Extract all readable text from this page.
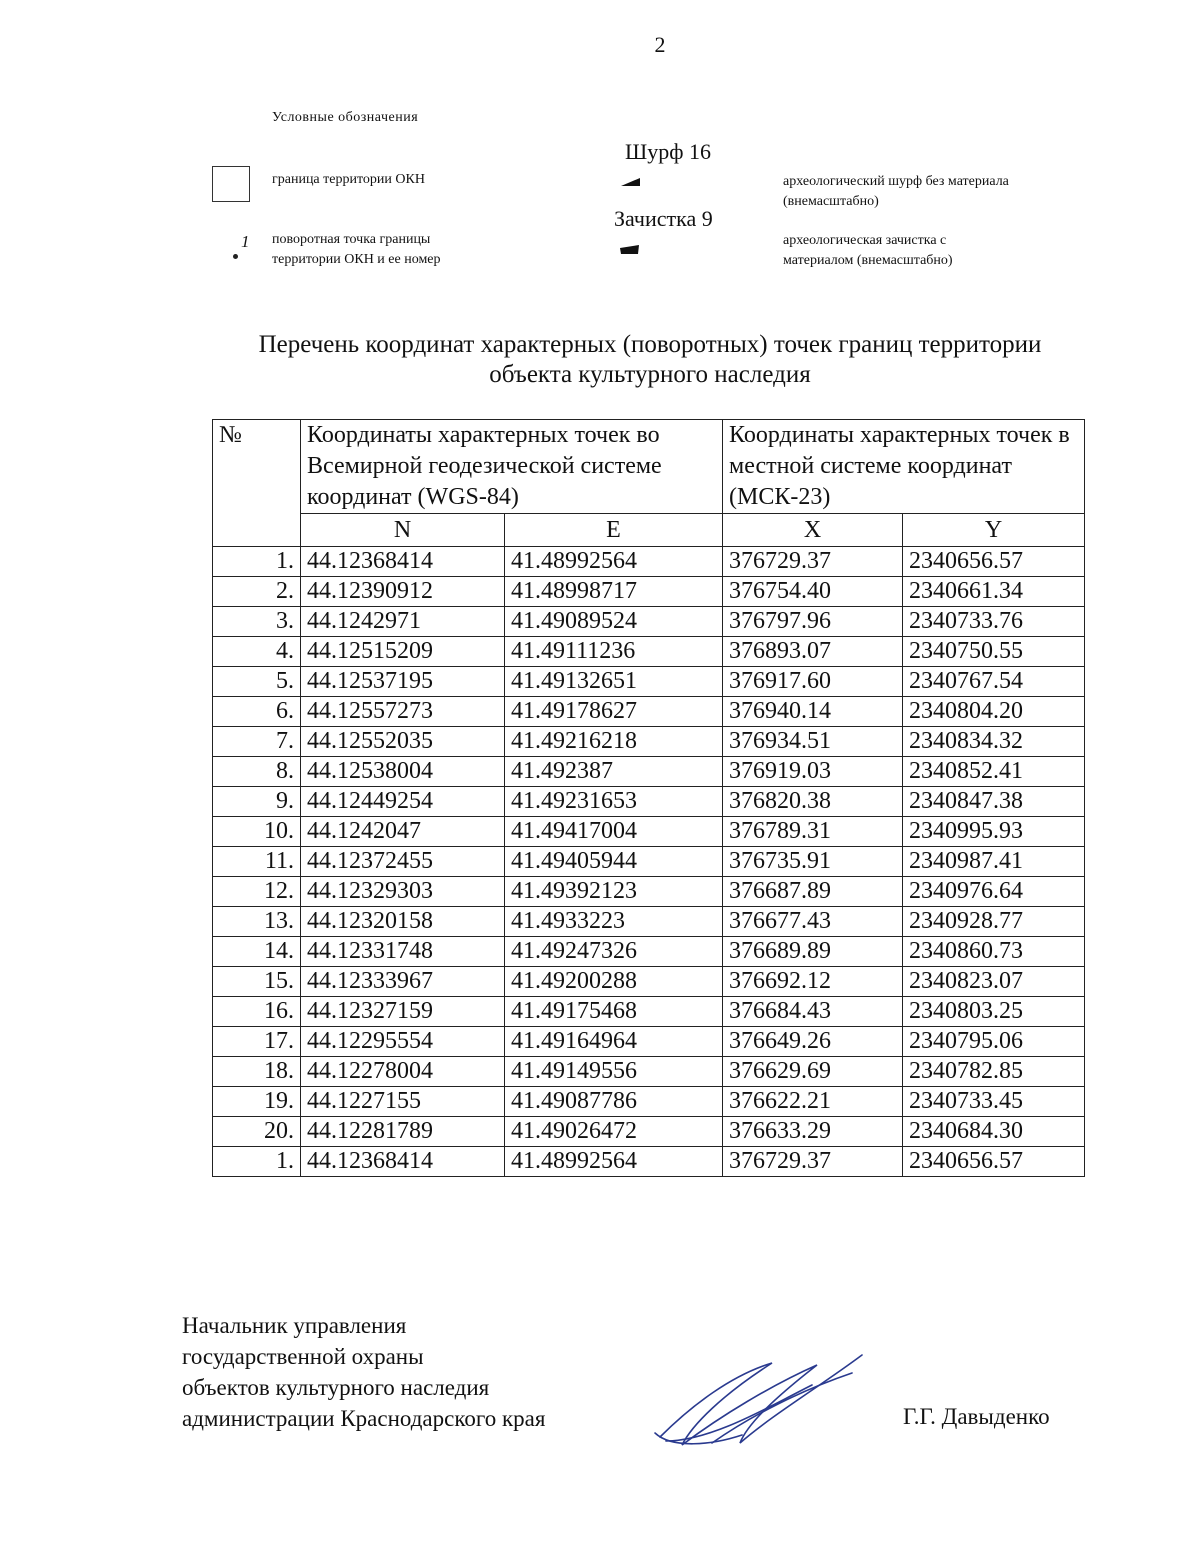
2
Условные обозначения
граница территории ОКН
1 поворотная точка границы
территории ОКН и ее номер
Шурф 16
Зачистка 9
археологический шурф без материала
(внемасштабно)
археологическая зачистка с
материалом (внемасштабно)
Перечень координат характерных (поворотных) точек границ территории
объекта культурного наследия
№	Координаты характерных точек во Всемирной геодезической системе координат (WGS-84)		Координаты характерных точек в местной системе координат (МСК-23)	
	N	E	X	Y
1.	44.12368414	41.48992564	376729.37	2340656.57
2.	44.12390912	41.48998717	376754.40	2340661.34
3.	44.1242971	41.49089524	376797.96	2340733.76
4.	44.12515209	41.49111236	376893.07	2340750.55
5.	44.12537195	41.49132651	376917.60	2340767.54
6.	44.12557273	41.49178627	376940.14	2340804.20
7.	44.12552035	41.49216218	376934.51	2340834.32
8.	44.12538004	41.492387	376919.03	2340852.41
9.	44.12449254	41.49231653	376820.38	2340847.38
10.	44.1242047	41.49417004	376789.31	2340995.93
11.	44.12372455	41.49405944	376735.91	2340987.41
12.	44.12329303	41.49392123	376687.89	2340976.64
13.	44.12320158	41.4933223	376677.43	2340928.77
14.	44.12331748	41.49247326	376689.89	2340860.73
15.	44.12333967	41.49200288	376692.12	2340823.07
16.	44.12327159	41.49175468	376684.43	2340803.25
17.	44.12295554	41.49164964	376649.26	2340795.06
18.	44.12278004	41.49149556	376629.69	2340782.85
19.	44.1227155	41.49087786	376622.21	2340733.45
20.	44.12281789	41.49026472	376633.29	2340684.30
1.	44.12368414	41.48992564	376729.37	2340656.57
Начальник управления
государственной охраны
объектов культурного наследия
администрации Краснодарского края	Г.Г. Давыденко
